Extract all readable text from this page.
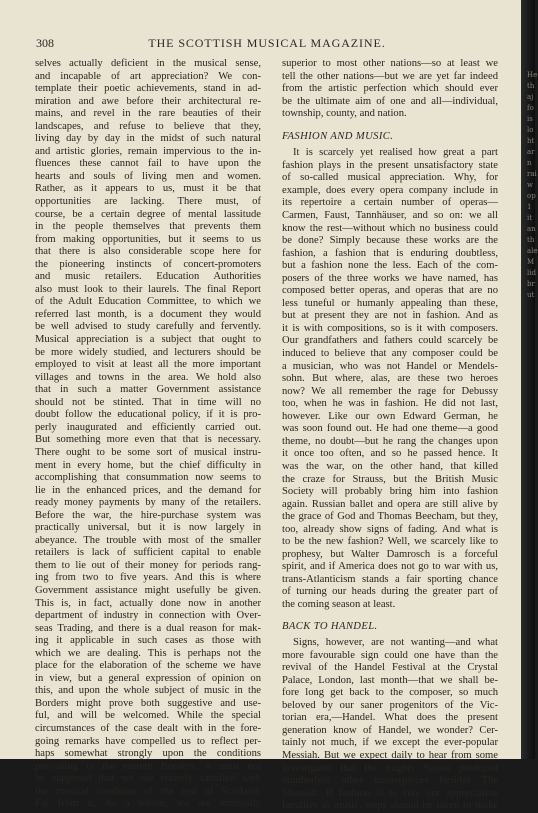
308	THE SCOTTISH MUSICAL MAGAZINE.
selves actually deficient in the musical sense,
and incapable of art appreciation? We con-
template their poetic achievements, stand in ad-
miration and awe before their architectural re-
mains, and revel in the rare beauties of their
landscapes, and refuse to believe that they,
living day by day in the midst of such natural
and artistic glories, remain impervious to the in-
fluences these cannot fail to have upon the
hearts and souls of living men and women.
Rather, as it appears to us, must it be that
opportunities are lacking. There must, of
course, be a certain degree of mental lassitude
in the people themselves that prevents them
from making opportunities, but it seems to us
that there is also considerable scope here for
the pioneering instincts of concert-promoters
and music retailers. Education Authorities
also must look to their laurels. The final Report
of the Adult Education Committee, to which we
referred last month, is a document they would
be well advised to study carefully and fervently.
Musical appreciation is a subject that ought to
be more widely studied, and lecturers should be
employed to visit at least all the more important
villages and towns in the area. We hold also
that in such a matter Government assistance
should not be stinted. That in time will no
doubt follow the educational policy, if it is pro-
perly inaugurated and efficiently carried out.
But something more even that that is necessary.
There ought to be some sort of musical instru-
ment in every home, but the chief difficulty in
accomplishing that consummation now seems to
lie in the enhanced prices, and the demand for
ready money payments by many of the retailers.
Before the war, the hire-purchase system was
practically universal, but it is now largely in
abeyance. The trouble with most of the smaller
retailers is lack of sufficient capital to enable
them to lie out of their money for periods rang-
ing from two to five years. And this is where
Government assistance might usefully be given.
This is, in fact, actually done now in another
department of industry in connection with Over-
seas Trading, and there is a dual reason for mak-
ing it applicable in such cases as those with
which we are dealing. This is perhaps not the
place for the elaboration of the scheme we have
in view, but a general expression of opinion on
this, and upon the whole subject of music in the
Borders might prove both suggestive and use-
ful, and will be welcomed. While the special
circumstances of the case dealt with in the fore-
going remarks have compelled us to reflect per-
haps somewhat strongly upon the conditions
prevailing in the eastern Borders, it must not
be supposed that we are entirely satisfied with
the musical condition of the rest of Scotland.
Far from it. As a nation, we are musically
superior to most other nations—so at least we
tell the other nations—but we are yet far indeed
from the artistic perfection which should ever
be the ultimate aim of one and all—individual,
township, county, and nation.
FASHION AND MUSIC.
It is scarcely yet realised how great a part
fashion plays in the present unsatisfactory state
of so-called musical appreciation. Why, for
example, does every opera company include in
its repertoire a certain number of operas—
Carmen, Faust, Tannhäuser, and so on: we all
know the rest—without which no business could
be done? Simply because these works are the
fashion, a fashion that is enduring doubtless,
but a fashion none the less. Each of the com-
posers of the three works we have named, has
composed better operas, and operas that are no
less tuneful or humanly appealing than these,
but at present they are not in fashion. And as
it is with compositions, so is it with composers.
Our grandfathers and fathers could scarcely be
induced to believe that any composer could be
a musician, who was not Handel or Mendels-
sohn. But where, alas, are these two heroes
now? We all remember the rage for Debussy
too, when he was in fashion. He did not last,
however. Like our own Edward German, he
was soon found out. He had one theme—a good
theme, no doubt—but he rang the changes upon
it once too often, and so he passed hence. It
was the war, on the other hand, that killed
the craze for Strauss, but the British Music
Society will probably bring him into fashion
again. Russian ballet and opera are still alive by
the grace of God and Thomas Beecham, but they,
too, already show signs of fading. And what is
to be the new fashion? Well, we scarcely like to
prophesy, but Walter Damrosch is a forceful
spirit, and if America does not go to war with us,
trans-Atlanticism stands a fair sporting chance
of turning our heads during the greater part of
the coming season at least.
BACK TO HANDEL.
Signs, however, are not wanting—and what
more favourable sign could one have than the
revival of the Handel Festival at the Crystal
Palace, London, last month—that we shall be-
fore long get back to the composer, so much
beloved by our saner progenitors of the Vic-
torian era,—Handel. What does the present
generation know of Handel, we wonder? Cer-
tainly not much, if we except the ever-popular
Messiah. But we expect daily to hear from some
investigator that the mighty Saxon produced
numberless other masterpieces besides The
Messiah. If fashion is to rule our appreciative
faculties in music, steps should be taken to make
He
th
aj
fo
is
lo
ht
ar
n
rai
w
op
1
it
an
th
ale
M
lid
br
ut
